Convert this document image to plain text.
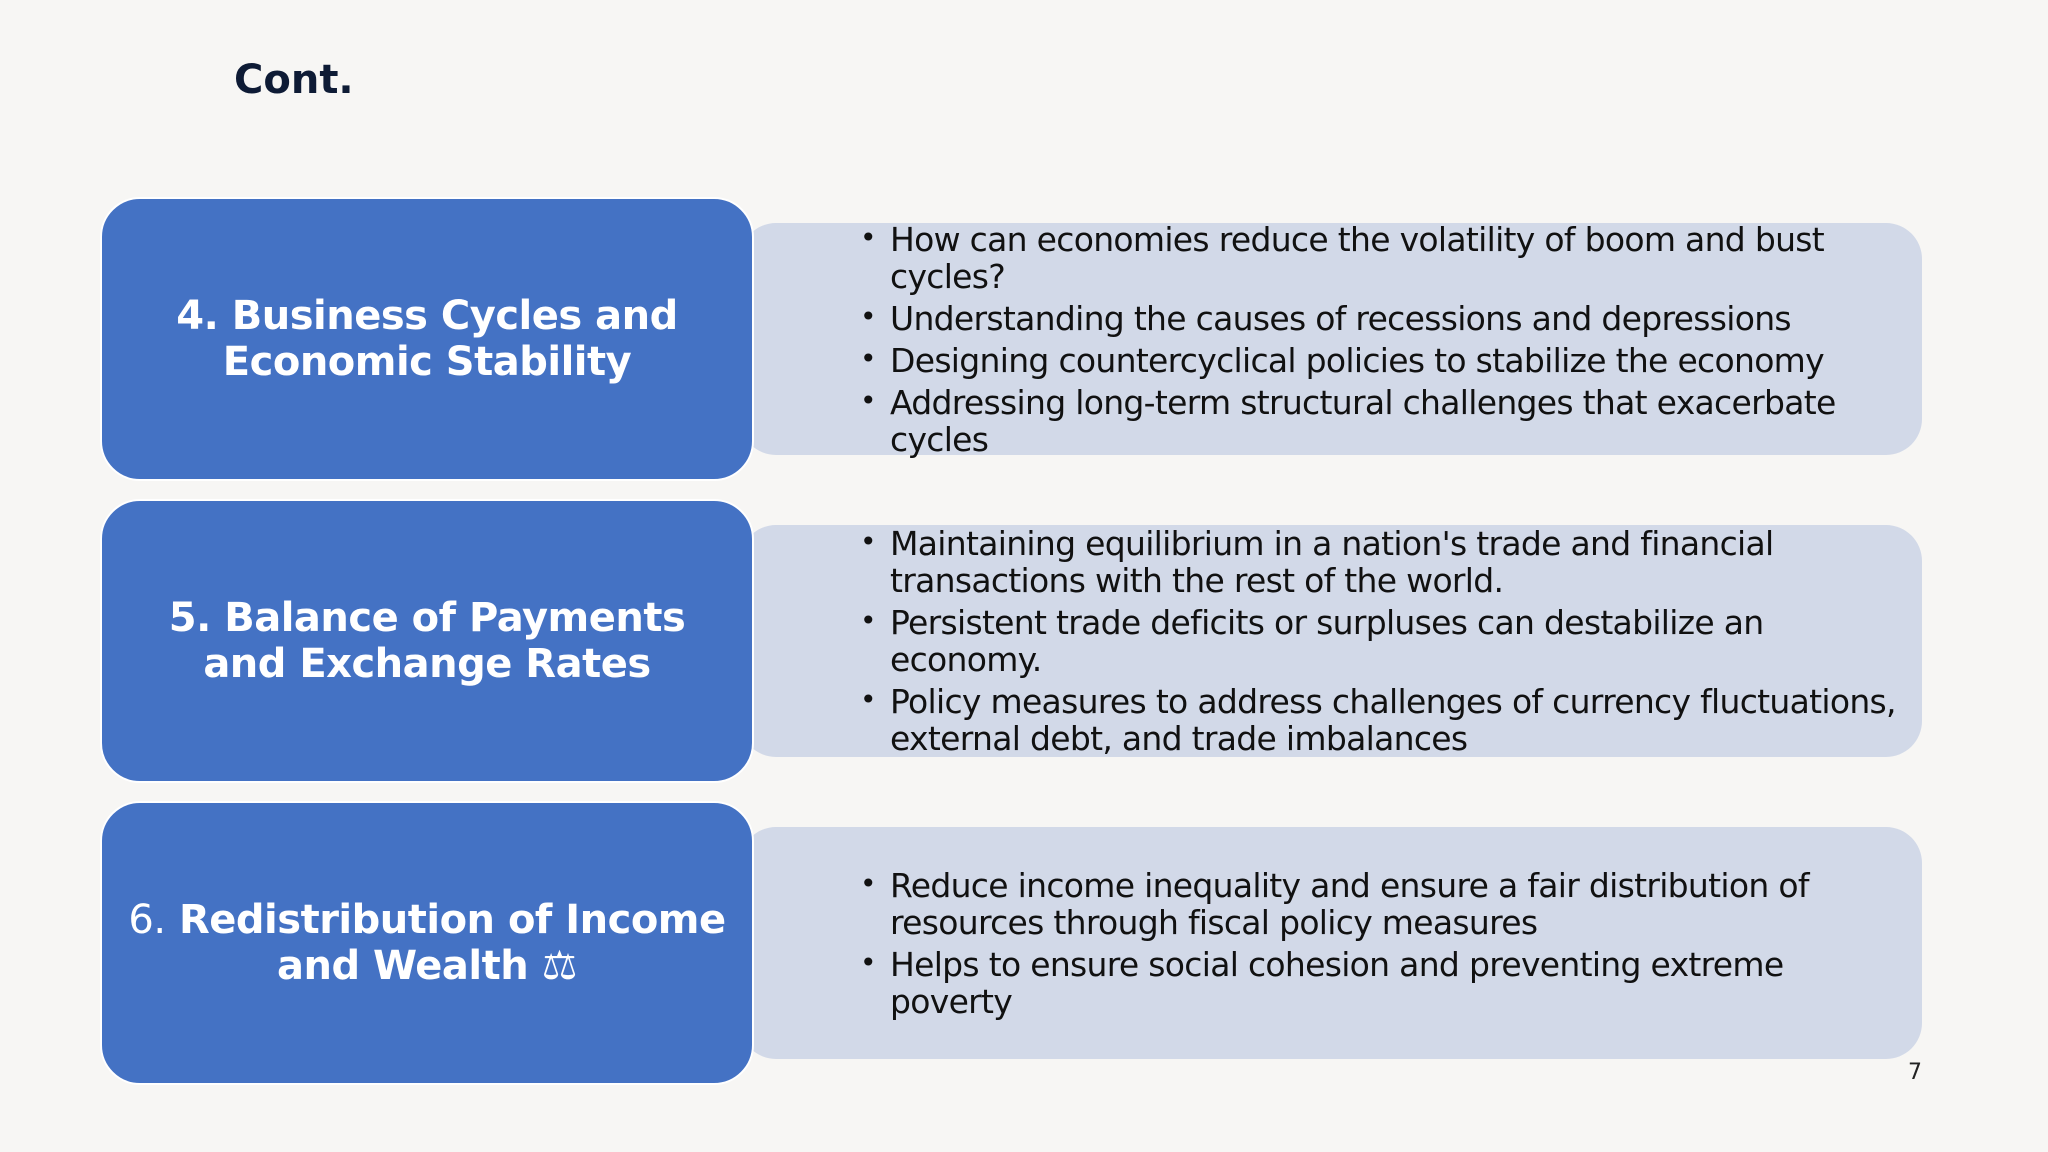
Cont.
• How can economies reduce the volatility of boom and bust cycles?
• Understanding the causes of recessions and depressions
• Designing countercyclical policies to stabilize the economy
• Addressing long-term structural challenges that exacerbate cycles
4. Business Cycles and Economic Stability
• Maintaining equilibrium in a nation's trade and financial transactions with the rest of the world.
• Persistent trade deficits or surpluses can destabilize an economy.
• Policy measures to address challenges of currency fluctuations, external debt, and trade imbalances
5. Balance of Payments and Exchange Rates
• Reduce income inequality and ensure a fair distribution of resources through fiscal policy measures
• Helps to ensure social cohesion and preventing extreme poverty
6. Redistribution of Income and Wealth ⚖
7
